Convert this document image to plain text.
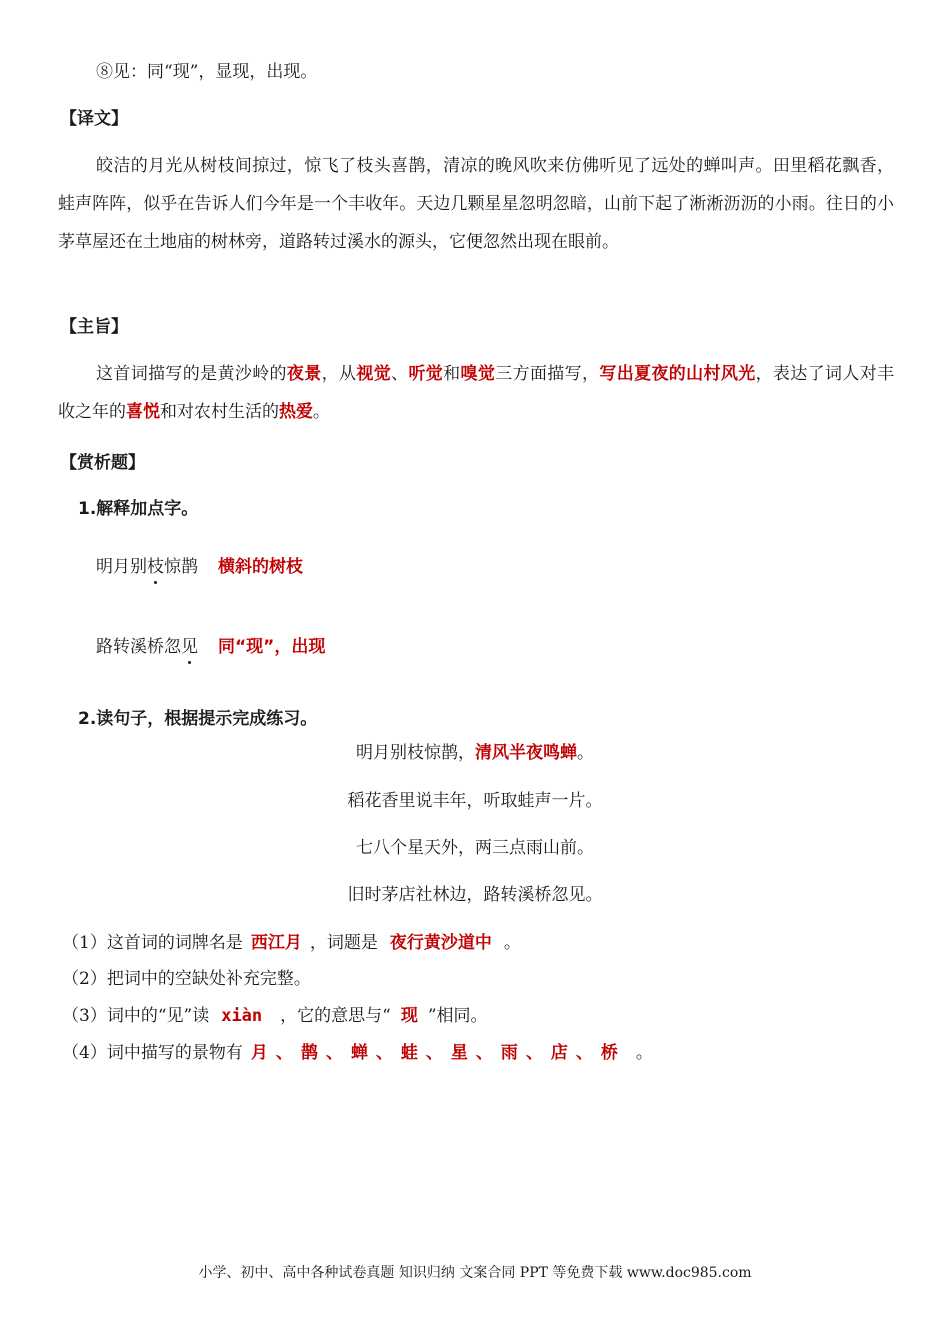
⑧见：同“现”，显现，出现。
【译文】
皎洁的月光从树枝间掠过，惊飞了枝头喜鹊，清凉的晚风吹来仿佛听见了远处的蝉叫声。田里稻花飘香，蛙声阵阵，似乎在告诉人们今年是一个丰收年。天边几颗星星忽明忽暗，山前下起了淅淅沥沥的小雨。往日的小茅草屋还在土地庙的树林旁，道路转过溪水的源头，它便忽然出现在眼前。
【主旨】
这首词描写的是黄沙岭的夜景，从视觉、听觉和嗅觉三方面描写，写出夏夜的山村风光，表达了词人对丰收之年的喜悦和对农村生活的热爱。
【赏析题】
1.解释加点字。
明月别枝惊鹊 横斜的树枝
路转溪桥忽见 同“现”，出现
2.读句子，根据提示完成练习。
明月别枝惊鹊，清风半夜鸣蝉。
稻花香里说丰年，听取蛙声一片。
七八个星天外，两三点雨山前。
旧时茅店社林边，路转溪桥忽见。
（1）这首词的词牌名是 西江月 ，词题是 夜行黄沙道中 。
（2）把词中的空缺处补充完整。
（3）词中的“见”读 xiàn ，它的意思与“ 现 ”相同。
（4）词中描写的景物有 月 、 鹊 、 蝉 、 蛙 、 星 、 雨 、 店 、 桥 。
小学、初中、高中各种试卷真题 知识归纳 文案合同 PPT 等免费下载 www.doc985.com
